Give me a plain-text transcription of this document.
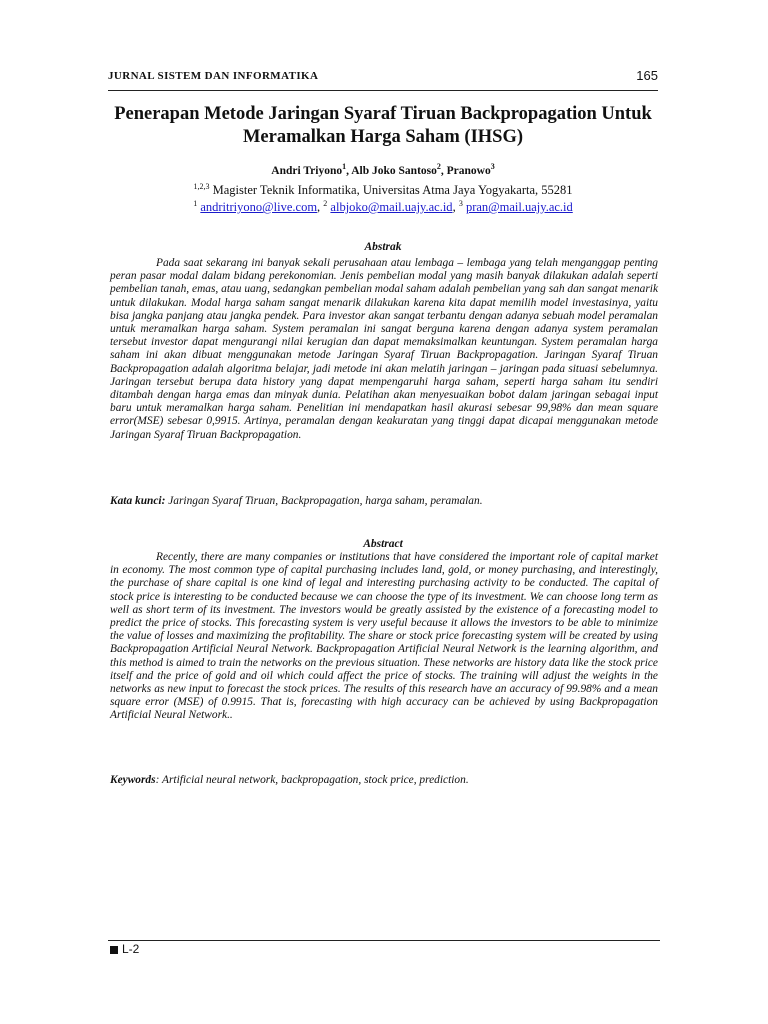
JURNAL SISTEM DAN INFORMATIKA	165
Penerapan Metode Jaringan Syaraf Tiruan Backpropagation Untuk
Meramalkan Harga Saham (IHSG)
Andri Triyono$^1$, Alb Joko Santoso$^2$, Pranowo$^3$
$^{1,2,3}$ Magister Teknik Informatika, Universitas Atma Jaya Yogyakarta, 55281
$^1$ andritriyono@live.com, $^2$ albjoko@mail.uajy.ac.id, $^3$ pran@mail.uajy.ac.id
Abstrak

Pada saat sekarang ini banyak sekali perusahaan atau lembaga – lembaga yang telah menganggap penting peran pasar modal dalam bidang perekonomian. Jenis pembelian modal yang masih banyak dilakukan adalah seperti pembelian tanah, emas, atau uang, sedangkan pembelian modal saham adalah pembelian yang sah dan sangat menarik untuk dilakukan. Modal harga saham sangat menarik dilakukan karena kita dapat memilih model investasinya, yaitu bisa jangka panjang atau jangka pendek. Para investor akan sangat terbantu dengan adanya sebuah model peramalan untuk meramalkan harga saham. System peramalan ini sangat berguna karena dengan adanya system peramalan tersebut investor dapat mengurangi nilai kerugian dan dapat memaksimalkan keuntungan. System peramalan harga saham ini akan dibuat menggunakan metode Jaringan Syaraf Tiruan Backpropagation. Jaringan Syaraf Tiruan Backpropagation adalah algoritma belajar, jadi metode ini akan melatih jaringan – jaringan pada situasi sebelumnya. Jaringan tersebut berupa data history yang dapat mempengaruhi harga saham, seperti harga saham itu sendiri ditambah dengan harga emas dan minyak dunia. Pelatihan akan menyesuaikan bobot dalam jaringan sebagai input baru untuk meramalkan harga saham. Penelitian ini mendapatkan hasil akurasi sebesar 99,98% dan mean square error(MSE) sebesar 0,9915. Artinya, peramalan dengan keakuratan yang tinggi dapat dicapai menggunakan metode Jaringan Syaraf Tiruan Backpropagation.

Kata kunci: Jaringan Syaraf Tiruan, Backpropagation, harga saham, peramalan.

Abstract

Recently, there are many companies or institutions that have considered the important role of capital market in economy. The most common type of capital purchasing includes land, gold, or money purchasing, and interestingly, the purchase of share capital is one kind of legal and interesting purchasing activity to be conducted. The capital of stock price is interesting to be conducted because we can choose the type of its investment. We can choose long term as well as short term of its investment. The investors would be greatly assisted by the existence of a forecasting model to predict the price of stocks. This forecasting system is very useful because it allows the investors to be able to minimize the value of losses and maximizing the profitability. The share or stock price forecasting system will be created by using Backpropagation Artificial Neural Network. Backpropagation Artificial Neural Network is the learning algorithm, and this method is aimed to train the networks on the previous situation. These networks are history data like the stock price itself and the price of gold and oil which could affect the price of stocks. The training will adjust the weights in the networks as new input to forecast the stock prices. The results of this research have an accuracy of 99.98% and a mean square error (MSE) of 0.9915. That is, forecasting with high accuracy can be achieved by using Backpropagation Artificial Neural Network..

Keywords: Artificial neural network, backpropagation, stock price, prediction.

L-2
